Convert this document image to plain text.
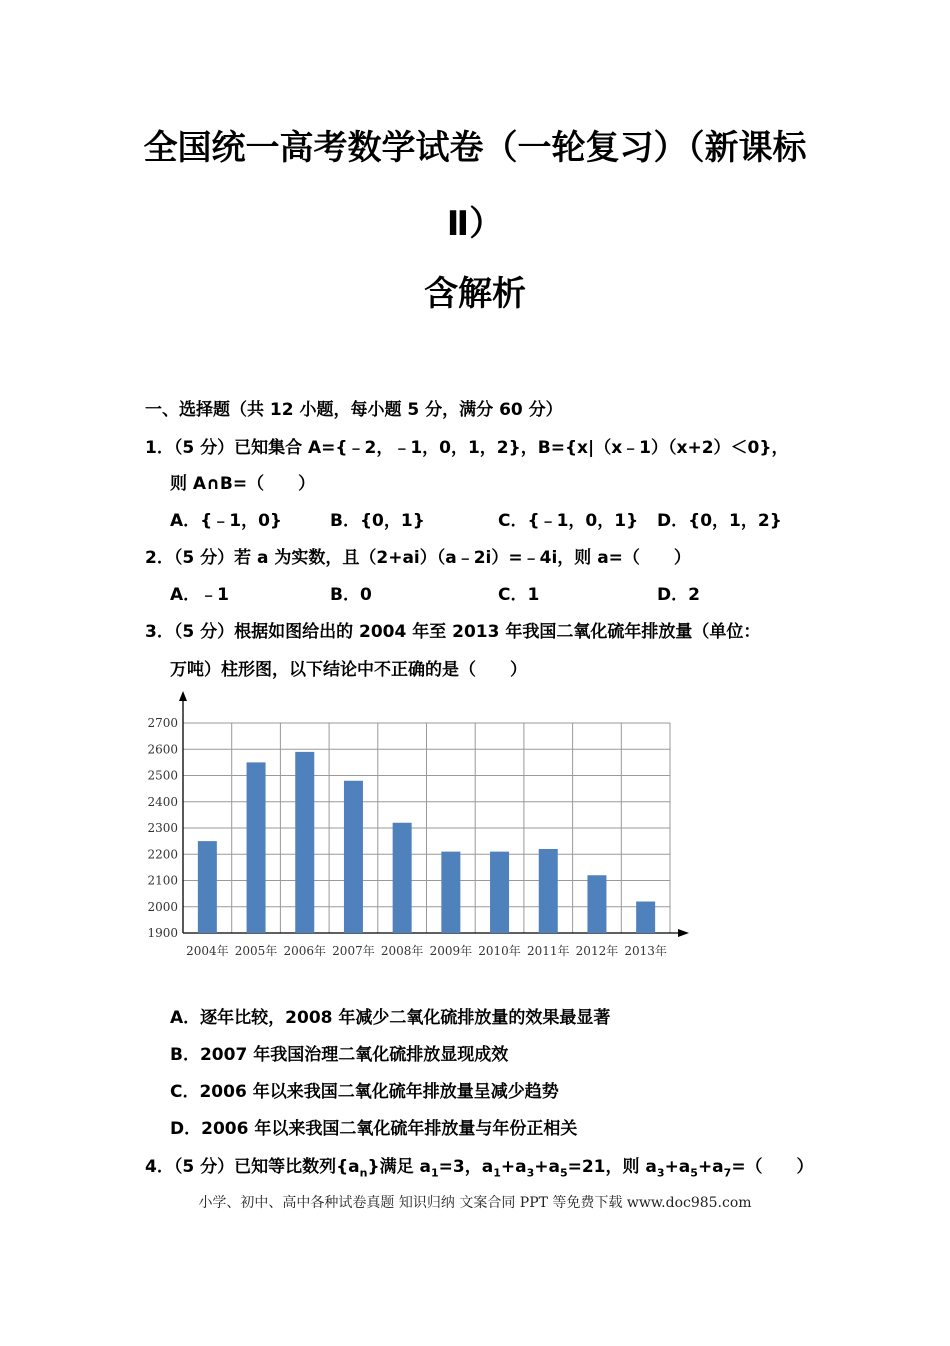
全国统一高考数学试卷（一轮复习）（新课标
Ⅱ）
含解析
一、选择题（共 12 小题，每小题 5 分，满分 60 分）
1．（5 分）已知集合 A={﹣2，﹣1，0，1，2}，B={x|（x﹣1）（x+2）＜0}，
则 A∩B=（　　）
A．{﹣1，0}	B．{0，1}	C．{﹣1，0，1} D．{0，1，2}
2．（5 分）若 a 为实数，且（2+ai）（a﹣2i）=﹣4i，则 a=（　　）
A．﹣1	B．0	C．1	D．2
3．（5 分）根据如图给出的 2004 年至 2013 年我国二氧化硫年排放量（单位：
万吨）柱形图，以下结论中不正确的是（　　）
2700
2600
2500
2400
2300
2200
2100
2000
1900
2004年 2005年 2006年 2007年 2008年 2009年 2010年 2011年 2012年 2013年
A．逐年比较，2008 年减少二氧化硫排放量的效果最显著
B．2007 年我国治理二氧化硫排放显现成效
C．2006 年以来我国二氧化硫年排放量呈减少趋势
D．2006 年以来我国二氧化硫年排放量与年份正相关
4．（5 分）已知等比数列$\{a_n\}$满足 $a_1=3$，$a_1+a_3+a_5=21$，则 $a_3+a_5+a_7=$（　　）
小学、初中、高中各种试卷真题 知识归纳 文案合同 PPT 等免费下载 www.doc985.com
